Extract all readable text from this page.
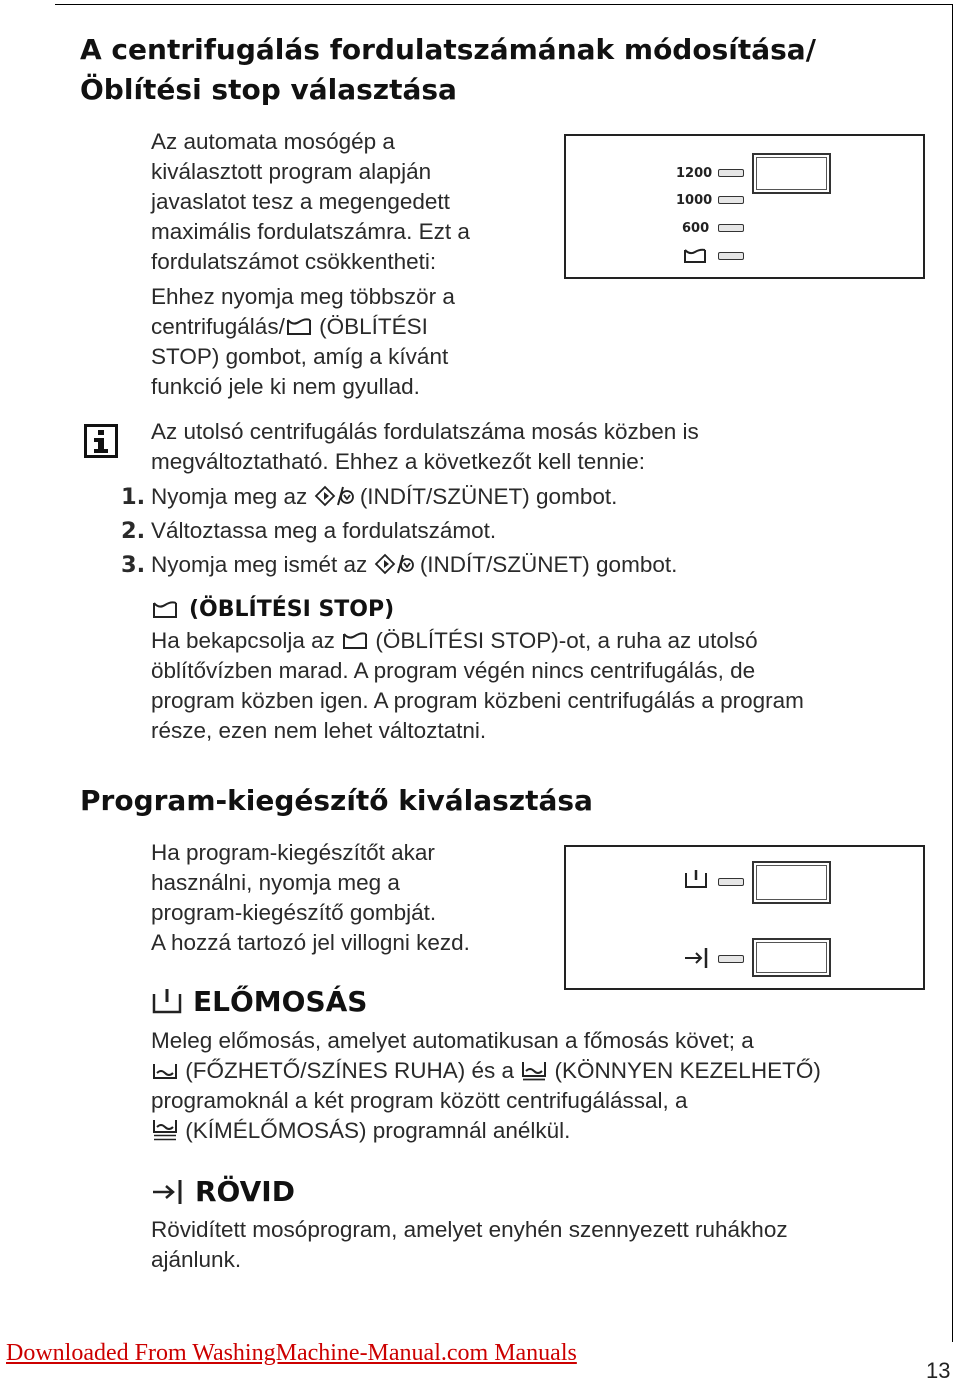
A centrifugálás fordulatszámának módosítása/
Öblítési stop választása

Az automata mosógép a

kiválasztott program alapján

javaslatot tesz a megengedett

maximális fordulatszámra. Ezt a

fordulatszámot csökkentheti:

Ehhez nyomja meg többször a

centrifugálás/ (ÖBLÍTÉSI

STOP) gombot, amíg a kívánt

funkció jele ki nem gyullad.

1200
1000
600

Az utolsó centrifugálás fordulatszáma mosás közben is

megváltoztatható. Ehhez a következőt kell tennie:

1. Nyomja meg az  (INDÍT/SZÜNET) gombot.

2. Változtassa meg a fordulatszámot.

3. Nyomja meg ismét az  (INDÍT/SZÜNET) gombot.

(ÖBLÍTÉSI STOP)

Ha bekapcsolja az  (ÖBLÍTÉSI STOP)-ot, a ruha az utolsó

öblítővízben marad. A program végén nincs centrifugálás, de

program közben igen. A program közbeni centrifugálás a program

része, ezen nem lehet változtatni.

Program-kiegészítő kiválasztása

Ha program-kiegészítőt akar

használni, nyomja meg a

program-kiegészítő gombját.

A hozzá tartozó jel villogni kezd.

ELŐMOSÁS

Meleg előmosás, amelyet automatikusan a főmosás követ; a

(FŐZHETŐ/SZÍNES RUHA) és a  (KÖNNYEN KEZELHETŐ)

programoknál a két program között centrifugálással, a

(KÍMÉLŐMOSÁS) programnál anélkül.

RÖVID

Rövidített mosóprogram, amelyet enyhén szennyezett ruhákhoz

ajánlunk.

Downloaded From WashingMachine-Manual.com Manuals
13
